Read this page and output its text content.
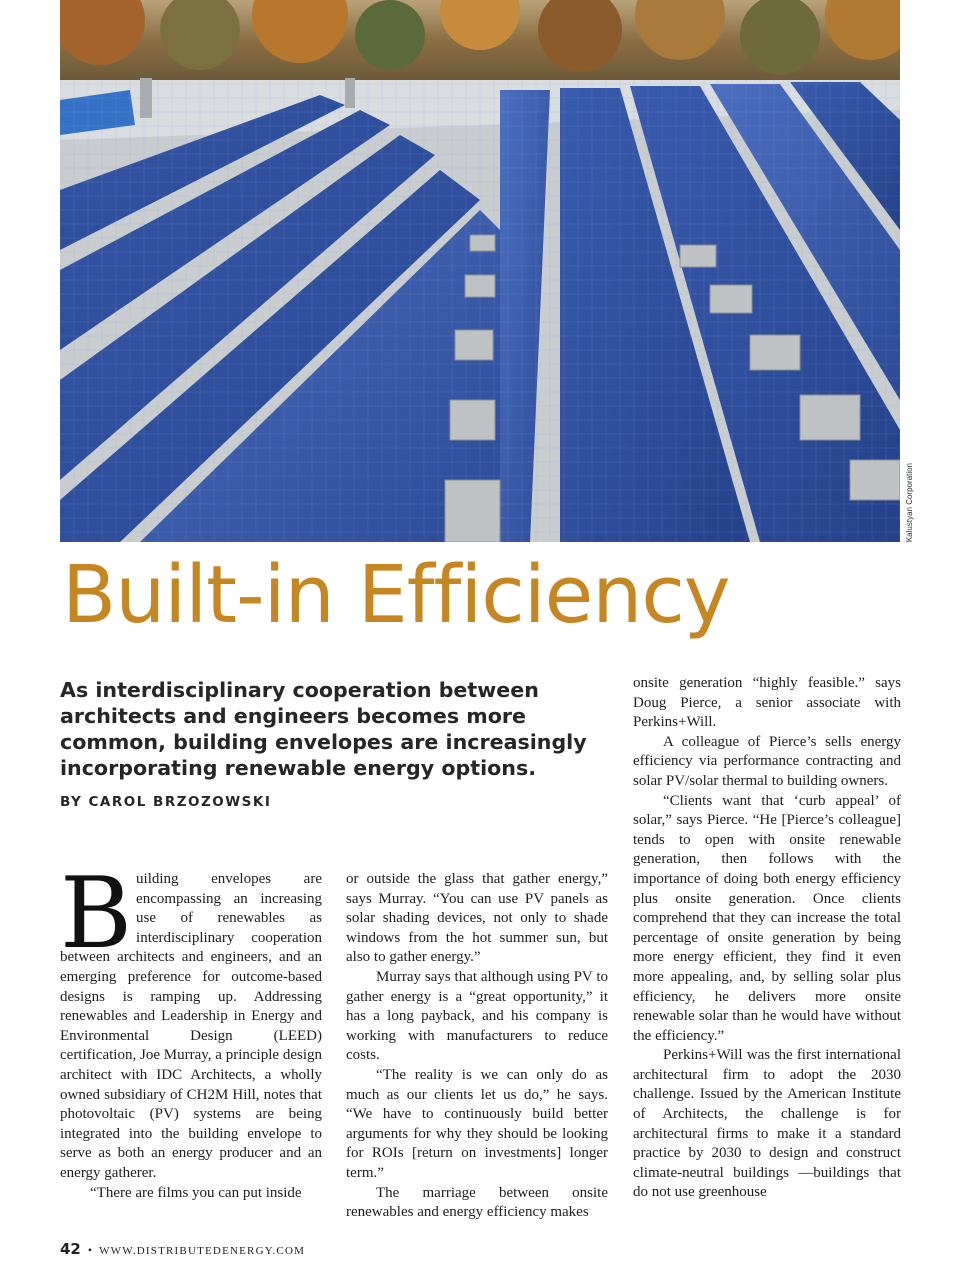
Kalustyan Corporation
Built-in Efficiency

As interdisciplinary cooperation between architects and engineers becomes more common, building envelopes are increasingly incorporating renewable energy options.

BY CAROL BRZOZOWSKI

Building envelopes are encompassing an increasing use of renewables as interdisciplinary cooperation between architects and engineers, and an emerging preference for outcome-based designs is ramping up. Addressing renewables and Leadership in Energy and Environmental Design (LEED) certification, Joe Murray, a principle design architect with IDC Architects, a wholly owned subsidiary of CH2M Hill, notes that photovoltaic (PV) systems are being integrated into the building envelope to serve as both an energy producer and an energy gatherer.

“There are films you can put inside

or outside the glass that gather energy,” says Murray. “You can use PV panels as solar shading devices, not only to shade windows from the hot summer sun, but also to gather energy.”

Murray says that although using PV to gather energy is a “great opportunity,” it has a long payback, and his company is working with manufacturers to reduce costs.

“The reality is we can only do as much as our clients let us do,” he says. “We have to continuously build better arguments for why they should be looking for ROIs [return on investments] longer term.”

The marriage between onsite renewables and energy efficiency makes

onsite generation “highly feasible.” says Doug Pierce, a senior associate with Perkins+Will.

A colleague of Pierce’s sells energy efficiency via performance contracting and solar PV/solar thermal to building owners.

“Clients want that ‘curb appeal’ of solar,” says Pierce. “He [Pierce’s colleague] tends to open with onsite renewable generation, then follows with the importance of doing both energy efficiency plus onsite generation. Once clients comprehend that they can increase the total percentage of onsite generation by being more energy efficient, they find it even more appealing, and, by selling solar plus efficiency, he delivers more onsite renewable solar than he would have without the efficiency.”

Perkins+Will was the first international architectural firm to adopt the 2030 challenge. Issued by the American Institute of Architects, the challenge is for architectural firms to make it a standard practice by 2030 to design and construct climate-neutral buildings —buildings that do not use greenhouse

42 • WWW.DISTRIBUTEDENERGY.COM
